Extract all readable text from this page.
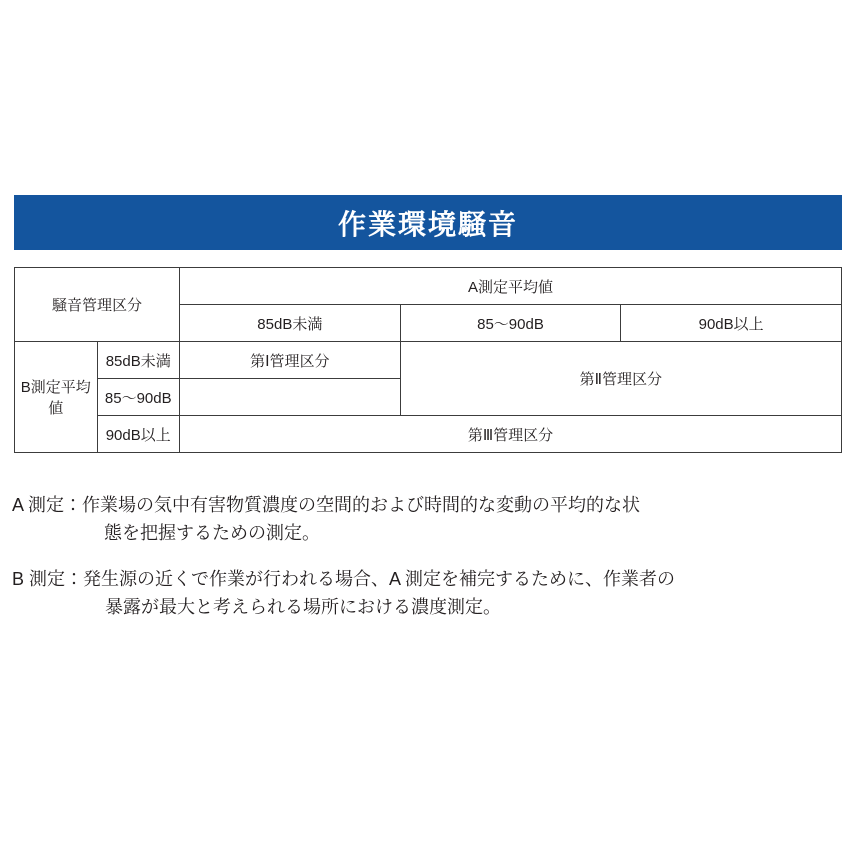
作業環境騒音
騒音管理区分		A測定平均値		
		85dB未満	85〜90dB	90dB以上
B測定平均値	85dB未満	第Ⅰ管理区分	第Ⅱ管理区分	
	85〜90dB			
	90dB以上	第Ⅲ管理区分		
A 測定： 作業場の気中有害物質濃度の空間的および時間的な変動の平均的な状
態を把握するための測定。
B 測定： 発生源の近くで作業が行われる場合、A 測定を補完するために、作業者の
暴露が最大と考えられる場所における濃度測定。
